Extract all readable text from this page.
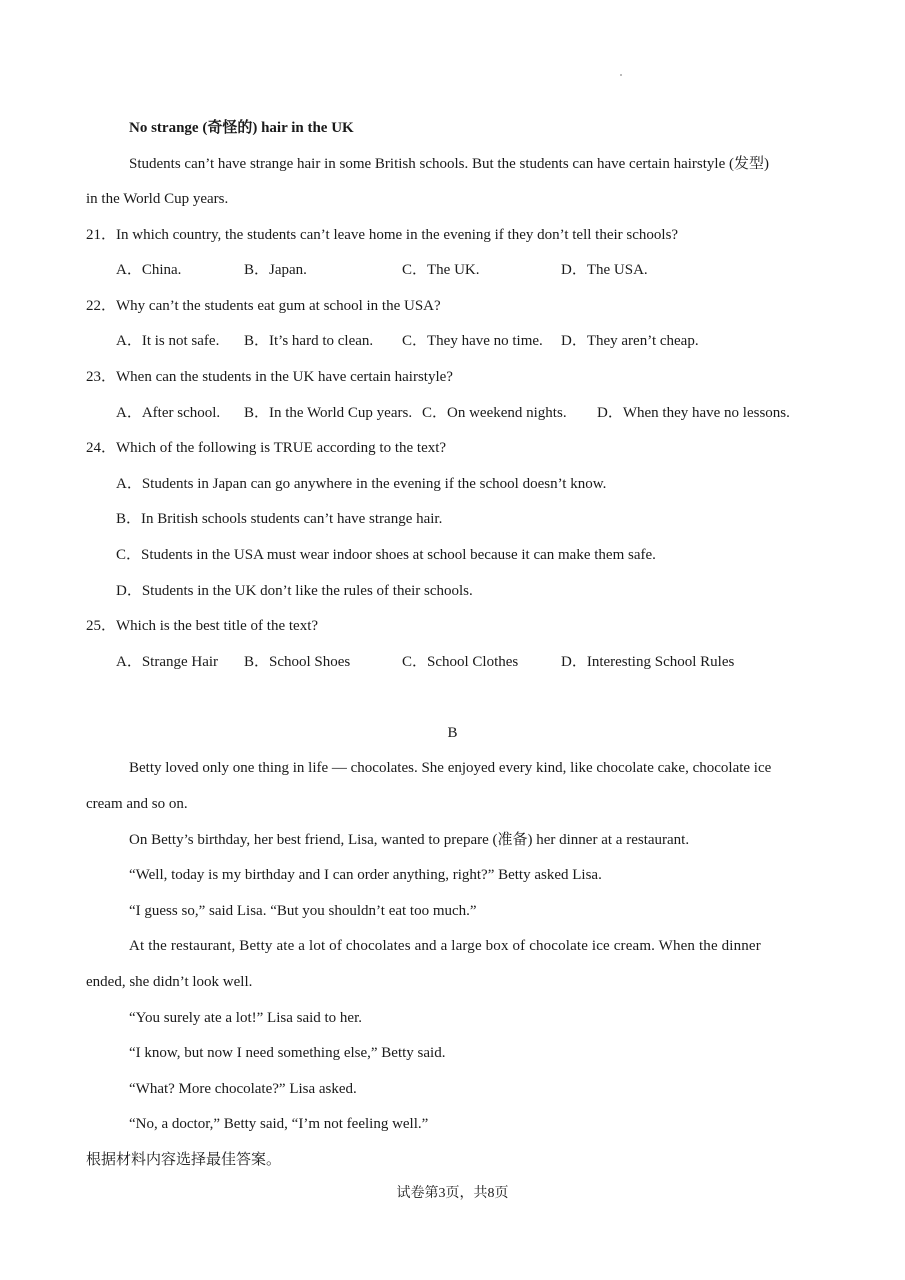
No strange (奇怪的) hair in the UK
Students can’t have strange hair in some British schools. But the students can have certain hairstyle (发型)
in the World Cup years.
21．In which country, the students can’t leave home in the evening if they don’t tell their schools?
A．China.	B．Japan.	C．The UK.	D．The USA.
22．Why can’t the students eat gum at school in the USA?
A．It is not safe. B．It’s hard to clean. C．They have no time. D．They aren’t cheap.
23．When can the students in the UK have certain hairstyle?
A．After school. B．In the World Cup years. C．On weekend nights. D．When they have no lessons.
24．Which of the following is TRUE according to the text?
A．Students in Japan can go anywhere in the evening if the school doesn’t know.
B．In British schools students can’t have strange hair.
C．Students in the USA must wear indoor shoes at school because it can make them safe.
D．Students in the UK don’t like the rules of their schools.
25．Which is the best title of the text?
A．Strange Hair B．School Shoes	C．School Clothes	D．Interesting School Rules
B
Betty loved only one thing in life — chocolates. She enjoyed every kind, like chocolate cake, chocolate ice
cream and so on.
On Betty’s birthday, her best friend, Lisa, wanted to prepare (准备) her dinner at a restaurant.
“Well, today is my birthday and I can order anything, right?” Betty asked Lisa.
“I guess so,” said Lisa. “But you shouldn’t eat too much.”
At the restaurant, Betty ate a lot of chocolates and a large box of chocolate ice cream. When the dinner
ended, she didn’t look well.
“You surely ate a lot!” Lisa said to her.
“I know, but now I need something else,” Betty said.
“What? More chocolate?” Lisa asked.
“No, a doctor,” Betty said, “I’m not feeling well.”
根据材料内容选择最佳答案。
试卷第3页，共8页
